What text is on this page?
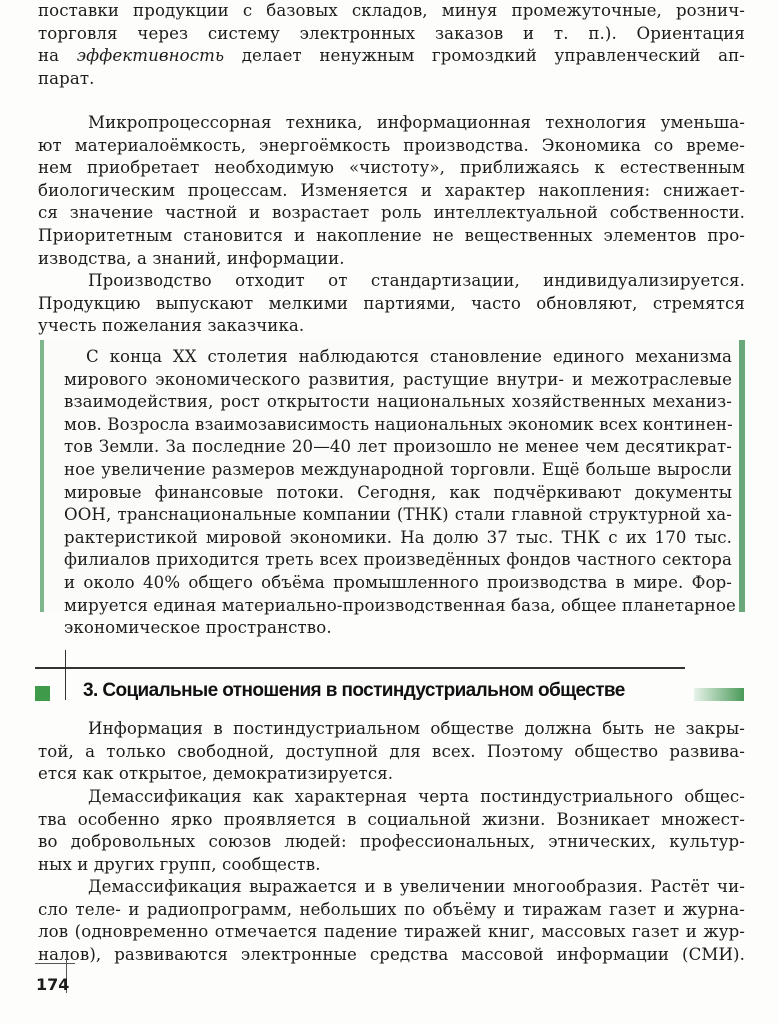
поставки продукции с базовых складов, минуя промежуточные, рознич-
торговля через систему электронных заказов и т. п.). Ориентация
на эффективность делает ненужным громоздкий управленческий ап-
парат.
Микропроцессорная техника, информационная технология уменьша-
ют материалоёмкость, энергоёмкость производства. Экономика со време-
нем приобретает необходимую «чистоту», приближаясь к естественным
биологическим процессам. Изменяется и характер накопления: снижает-
ся значение частной и возрастает роль интеллектуальной собственности.
Приоритетным становится и накопление не вещественных элементов про-
изводства, а знаний, информации.
Производство отходит от стандартизации, индивидуализируется.
Продукцию выпускают мелкими партиями, часто обновляют, стремятся
учесть пожелания заказчика.
С конца XX столетия наблюдаются становление единого механизма
мирового экономического развития, растущие внутри- и межотраслевые
взаимодействия, рост открытости национальных хозяйственных механиз-
мов. Возросла взаимозависимость национальных экономик всех континен-
тов Земли. За последние 20—40 лет произошло не менее чем десятикрат-
ное увеличение размеров международной торговли. Ещё больше выросли
мировые финансовые потоки. Сегодня, как подчёркивают документы
ООН, транснациональные компании (ТНК) стали главной структурной ха-
рактеристикой мировой экономики. На долю 37 тыс. ТНК с их 170 тыс.
филиалов приходится треть всех произведённых фондов частного сектора
и около 40% общего объёма промышленного производства в мире. Фор-
мируется единая материально-производственная база, общее планетарное
экономическое пространство.
3. Социальные отношения в постиндустриальном обществе
Информация в постиндустриальном обществе должна быть не закры-
той, а только свободной, доступной для всех. Поэтому общество развива-
ется как открытое, демократизируется.
Демассификация как характерная черта постиндустриального общес-
тва особенно ярко проявляется в социальной жизни. Возникает множест-
во добровольных союзов людей: профессиональных, этнических, культур-
ных и других групп, сообществ.
Демассификация выражается и в увеличении многообразия. Растёт чи-
сло теле- и радиопрограмм, небольших по объёму и тиражам газет и журна-
лов (одновременно отмечается падение тиражей книг, массовых газет и жур-
налов), развиваются электронные средства массовой информации (СМИ).
174
